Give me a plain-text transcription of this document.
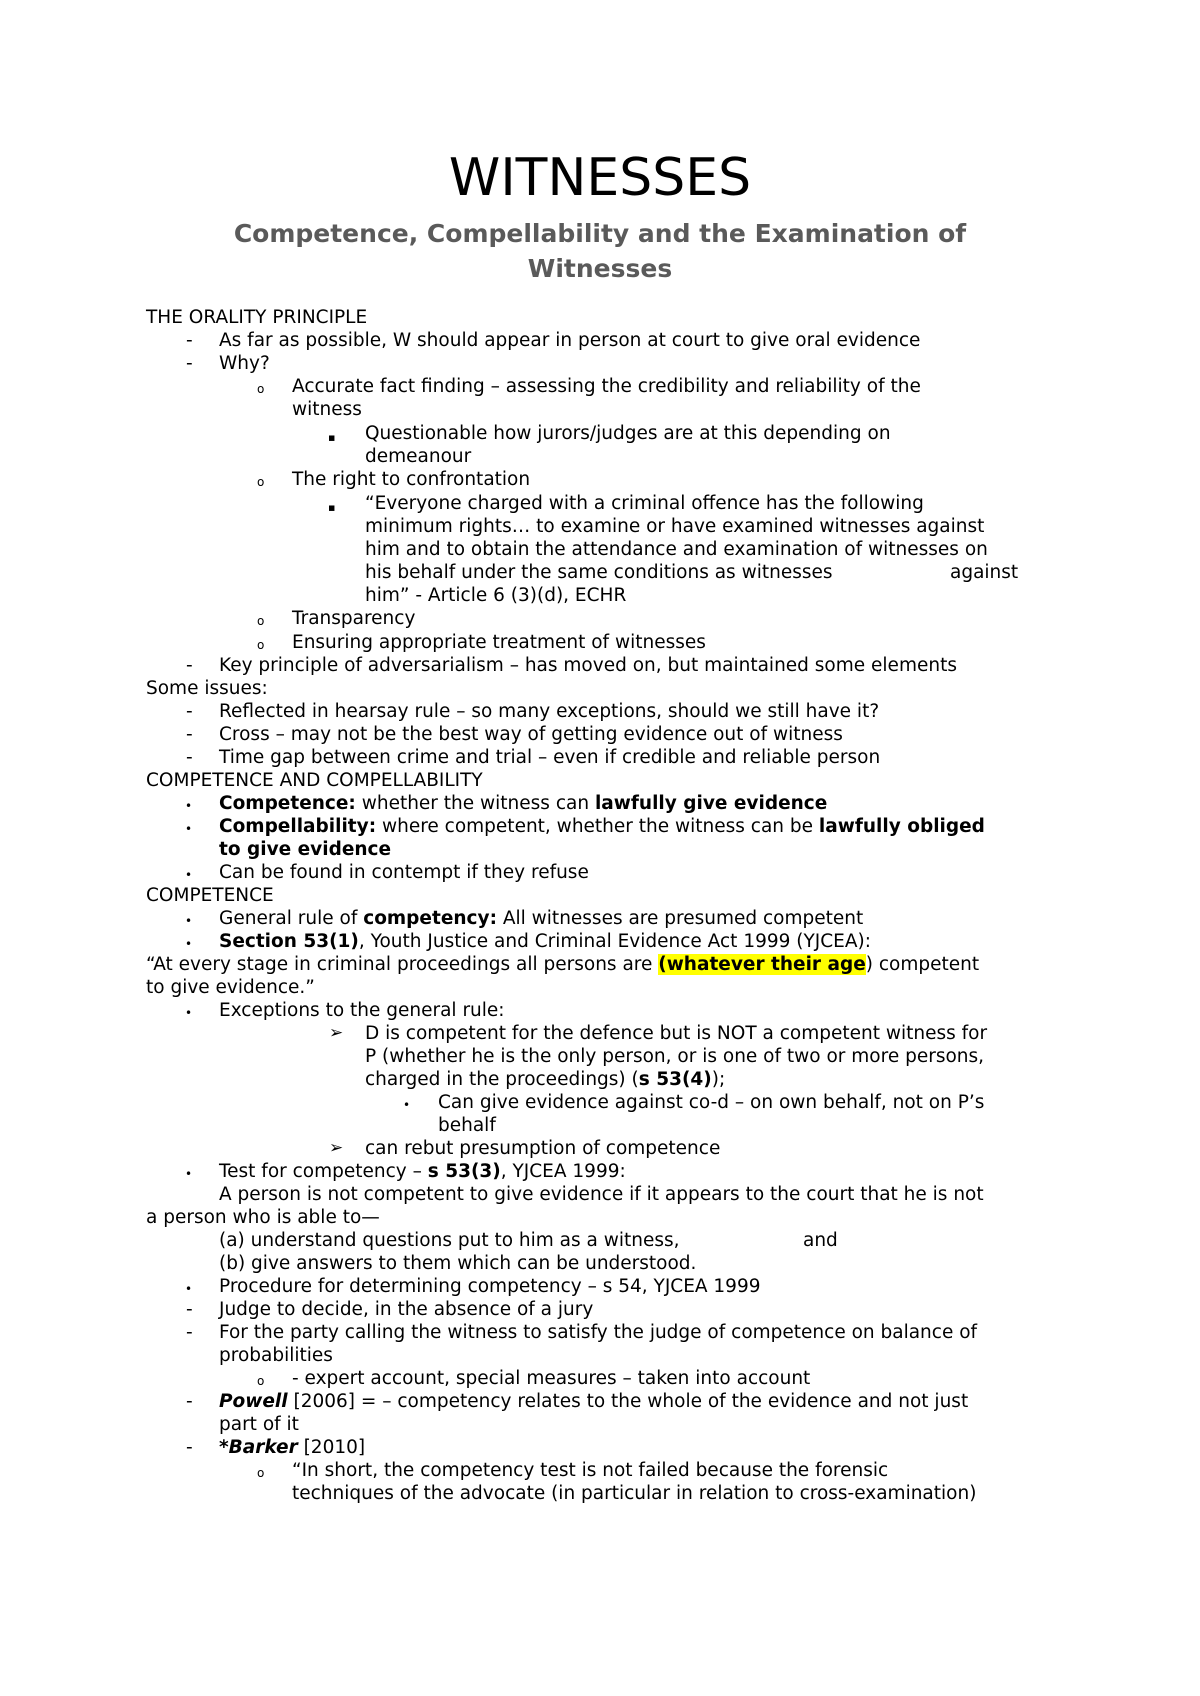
WITNESSES
Competence, Compellability and the Examination of Witnesses
THE ORALITY PRINCIPLE
- As far as possible, W should appear in person at court to give oral evidence
- Why?
o Accurate fact finding – assessing the credibility and reliability of the
witness
▪ Questionable how jurors/judges are at this depending on
demeanour
o The right to confrontation
▪ “Everyone charged with a criminal offence has the following
minimum rights… to examine or have examined witnesses against
him and to obtain the attendance and examination of witnesses on
his behalf under the same conditions as witnesses	against
him” - Article 6 (3)(d), ECHR
o Transparency
o Ensuring appropriate treatment of witnesses
- Key principle of adversarialism – has moved on, but maintained some elements
Some issues:
- Reflected in hearsay rule – so many exceptions, should we still have it?
- Cross – may not be the best way of getting evidence out of witness
- Time gap between crime and trial – even if credible and reliable person
COMPETENCE AND COMPELLABILITY
• Competence: whether the witness can lawfully give evidence
• Compellability: where competent, whether the witness can be lawfully obliged
to give evidence
• Can be found in contempt if they refuse
COMPETENCE
• General rule of competency: All witnesses are presumed competent
• Section 53(1), Youth Justice and Criminal Evidence Act 1999 (YJCEA):
“At every stage in criminal proceedings all persons are (whatever their age) competent
to give evidence.”
• Exceptions to the general rule:
➢ D is competent for the defence but is NOT a competent witness for
P (whether he is the only person, or is one of two or more persons,
charged in the proceedings) (s 53(4));
• Can give evidence against co-d – on own behalf, not on P’s
behalf
➢ can rebut presumption of competence
• Test for competency – s 53(3), YJCEA 1999:
A person is not competent to give evidence if it appears to the court that he is not
a person who is able to—
(a) understand questions put to him as a witness,	and
(b) give answers to them which can be understood.
• Procedure for determining competency – s 54, YJCEA 1999
- Judge to decide, in the absence of a jury
- For the party calling the witness to satisfy the judge of competence on balance of
probabilities
o - expert account, special measures – taken into account
- Powell [2006] = – competency relates to the whole of the evidence and not just
part of it
- *Barker [2010]
o “In short, the competency test is not failed because the forensic
techniques of the advocate (in particular in relation to cross-examination)
